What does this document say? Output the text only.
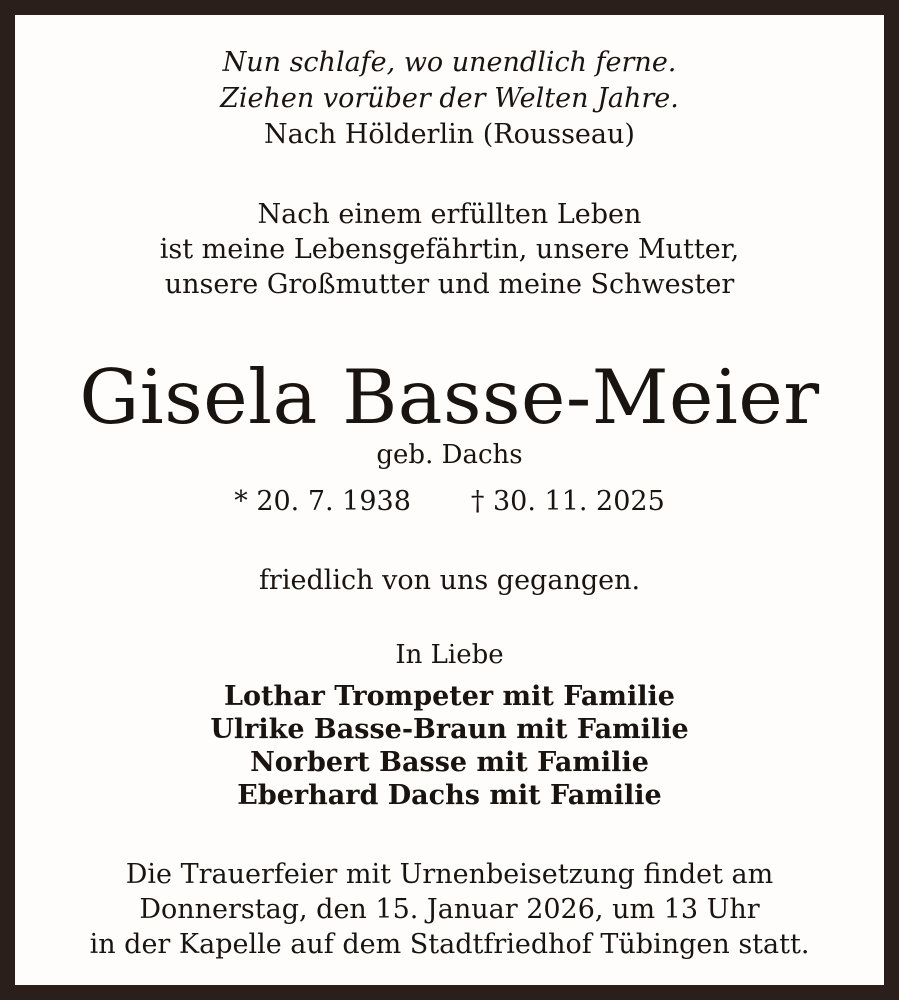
Nun schlafe, wo unendlich ferne.
Ziehen vorüber der Welten Jahre.
Nach Hölderlin (Rousseau)
Nach einem erfüllten Leben
ist meine Lebensgefährtin, unsere Mutter,
unsere Großmutter und meine Schwester
Gisela Basse-Meier
geb. Dachs
* 20. 7. 1938 † 30. 11. 2025
friedlich von uns gegangen.
In Liebe
Lothar Trompeter mit Familie
Ulrike Basse-Braun mit Familie
Norbert Basse mit Familie
Eberhard Dachs mit Familie
Die Trauerfeier mit Urnenbeisetzung findet am
Donnerstag, den 15. Januar 2026, um 13 Uhr
in der Kapelle auf dem Stadtfriedhof Tübingen statt.
